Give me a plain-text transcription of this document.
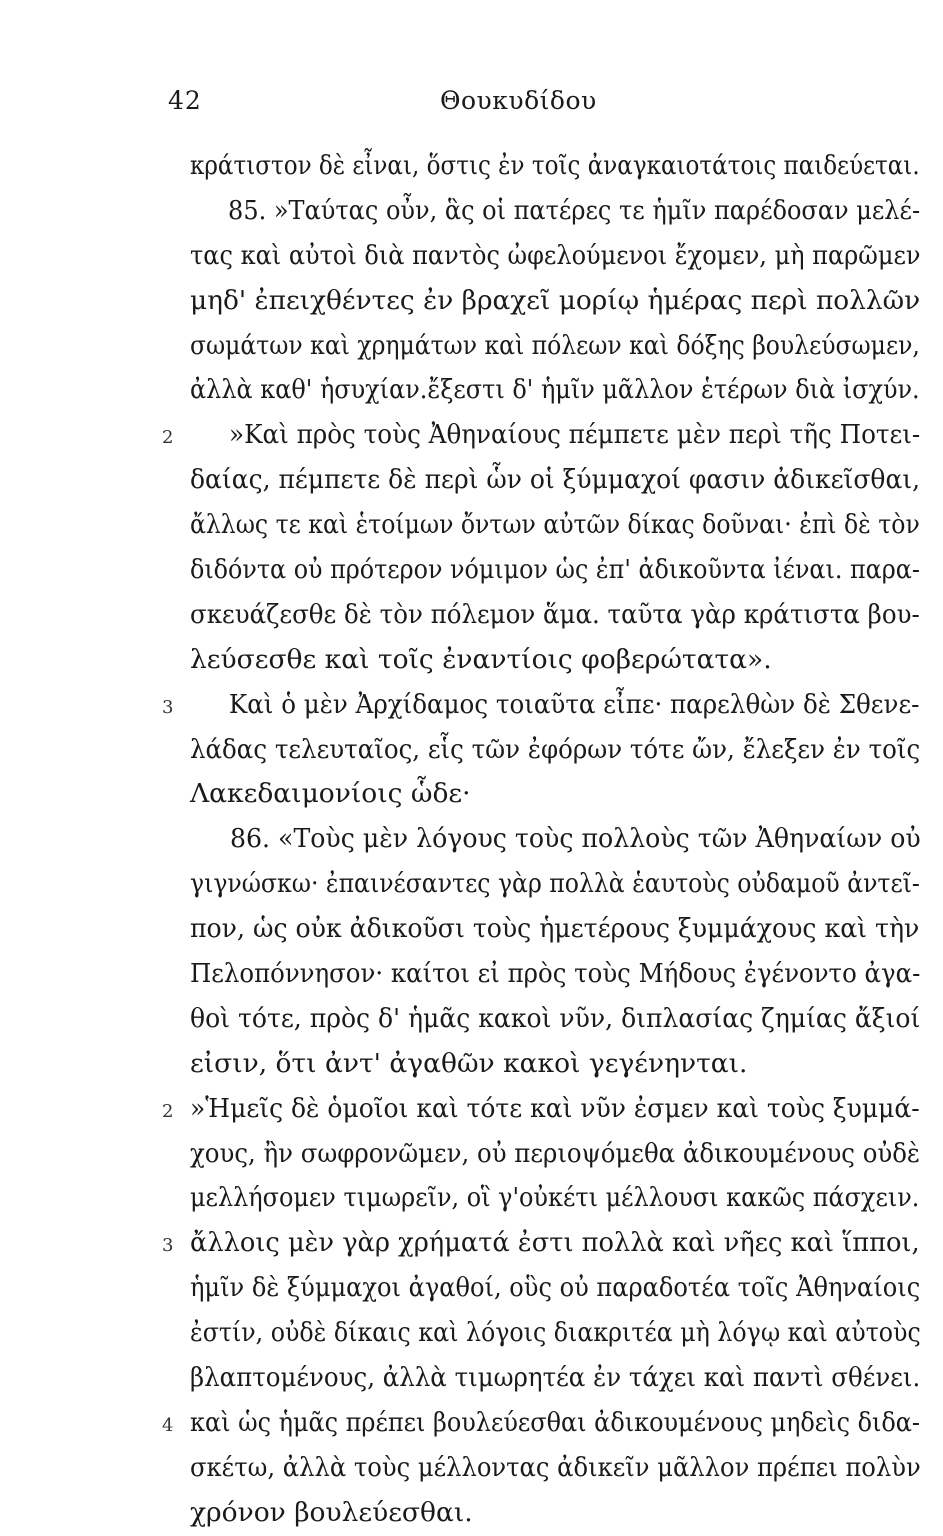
42	Θουκυδίδου
κράτιστον δὲ εἶναι, ὅστις ἐν τοῖς ἀναγκαιοτάτοις παιδεύεται.
85. »Ταύτας οὖν, ἃς οἱ πατέρες τε ἡμῖν παρέδοσαν μελέ-
τας καὶ αὐτοὶ διὰ παντὸς ὠφελούμενοι ἔχομεν, μὴ παρῶμεν
μηδ' ἐπειχθέντες ἐν βραχεῖ μορίῳ ἡμέρας περὶ πολλῶν
σωμάτων καὶ χρημάτων καὶ πόλεων καὶ δόξης βουλεύσωμεν,
ἀλλὰ καθ' ἡσυχίαν.ἔξεστι δ' ἡμῖν μᾶλλον ἑτέρων διὰ ἰσχύν.
2	»Καὶ πρὸς τοὺς Ἀθηναίους πέμπετε μὲν περὶ τῆς Ποτει-
δαίας, πέμπετε δὲ περὶ ὧν οἱ ξύμμαχοί φασιν ἀδικεῖσθαι,
ἄλλως τε καὶ ἑτοίμων ὄντων αὐτῶν δίκας δοῦναι· ἐπὶ δὲ τὸν
διδόντα οὐ πρότερον νόμιμον ὡς ἐπ' ἀδικοῦντα ἰέναι. παρα-
σκευάζεσθε δὲ τὸν πόλεμον ἅμα. ταῦτα γὰρ κράτιστα βου-
λεύσεσθε καὶ τοῖς ἐναντίοις φοβερώτατα».
3	Καὶ ὁ μὲν Ἀρχίδαμος τοιαῦτα εἶπε· παρελθὼν δὲ Σθενε-
λάδας τελευταῖος, εἷς τῶν ἐφόρων τότε ὤν, ἔλεξεν ἐν τοῖς
Λακεδαιμονίοις ὧδε·
86. «Τοὺς μὲν λόγους τοὺς πολλοὺς τῶν Ἀθηναίων οὐ
γιγνώσκω· ἐπαινέσαντες γὰρ πολλὰ ἑαυτοὺς οὐδαμοῦ ἀντεῖ-
πον, ὡς οὐκ ἀδικοῦσι τοὺς ἡμετέρους ξυμμάχους καὶ τὴν
Πελοπόννησον· καίτοι εἰ πρὸς τοὺς Μήδους ἐγένοντο ἀγα-
θοὶ τότε, πρὸς δ' ἡμᾶς κακοὶ νῦν, διπλασίας ζημίας ἄξιοί
εἰσιν, ὅτι ἀντ' ἀγαθῶν κακοὶ γεγένηνται.
2 »Ἡμεῖς δὲ ὁμοῖοι καὶ τότε καὶ νῦν ἐσμεν καὶ τοὺς ξυμμά-
χους, ἢν σωφρονῶμεν, οὐ περιοψόμεθα ἀδικουμένους οὐδὲ
μελλήσομεν τιμωρεῖν, οἳ γ'οὐκέτι μέλλουσι κακῶς πάσχειν.
3 ἄλλοις μὲν γὰρ χρήματά ἐστι πολλὰ καὶ νῆες καὶ ἵπποι,
ἡμῖν δὲ ξύμμαχοι ἀγαθοί, οὓς οὐ παραδοτέα τοῖς Ἀθηναίοις
ἐστίν, οὐδὲ δίκαις καὶ λόγοις διακριτέα μὴ λόγῳ καὶ αὐτοὺς
βλαπτομένους, ἀλλὰ τιμωρητέα ἐν τάχει καὶ παντὶ σθένει.
4 καὶ ὡς ἡμᾶς πρέπει βουλεύεσθαι ἀδικουμένους μηδεὶς διδα-
σκέτω, ἀλλὰ τοὺς μέλλοντας ἀδικεῖν μᾶλλον πρέπει πολὺν
χρόνον βουλεύεσθαι.
